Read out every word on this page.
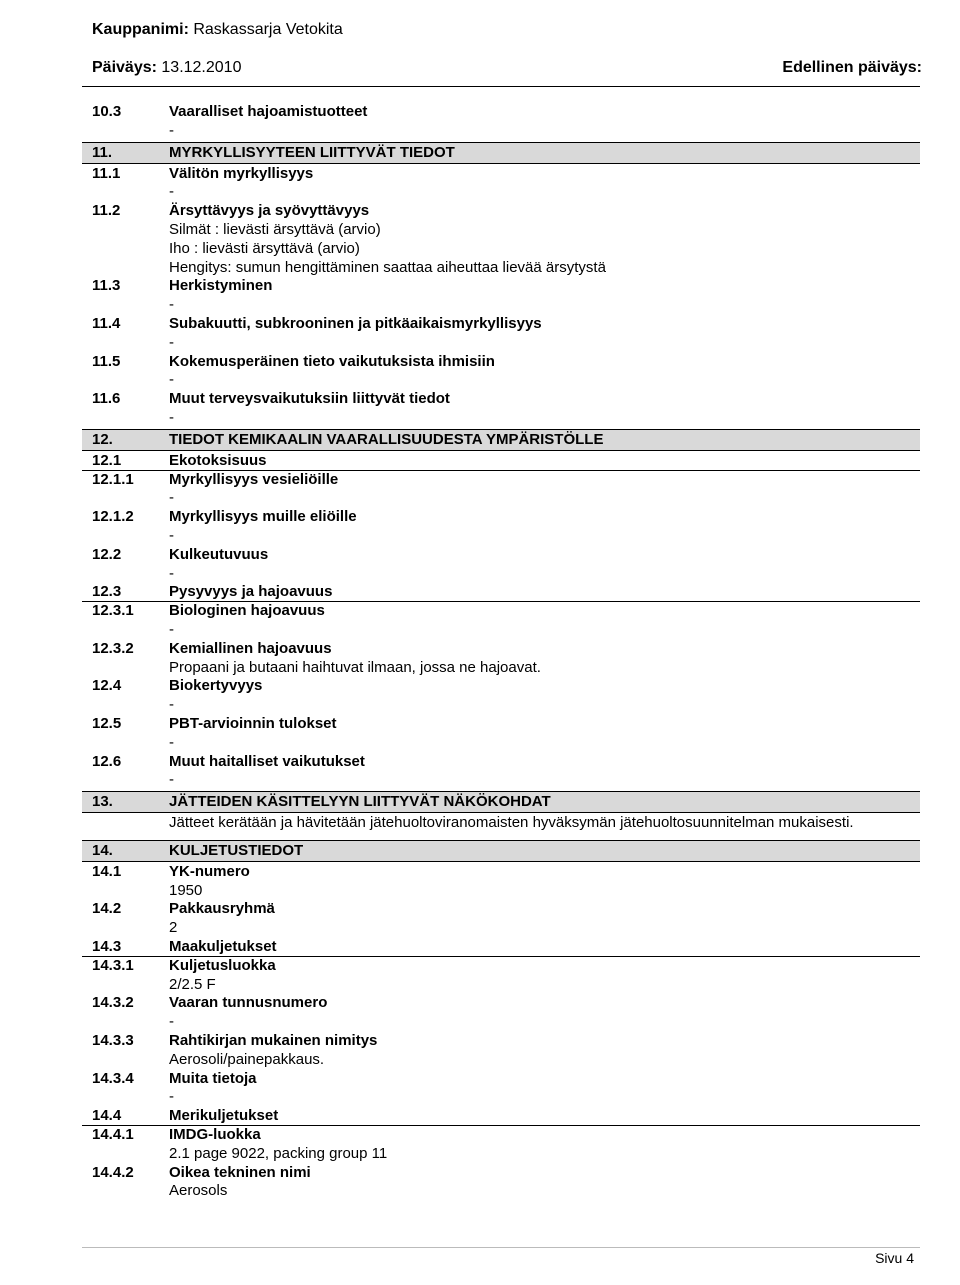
Kauppanimi:
Raskassarja Vetokita
Päiväys: 13.12.2010	Edellinen päiväys:
10.3	Vaaralliset hajoamistuotteet
-
11.	MYRKYLLISYYTEEN LIITTYVÄT TIEDOT
11.1	Välitön myrkyllisyys
-
11.2	Ärsyttävyys ja syövyttävyys
Silmät : lievästi ärsyttävä (arvio)
Iho : lievästi ärsyttävä (arvio)
Hengitys: sumun hengittäminen saattaa aiheuttaa lievää ärsytystä
11.3	Herkistyminen
-
11.4	Subakuutti, subkrooninen ja pitkäaikaismyrkyllisyys
-
11.5	Kokemusperäinen tieto vaikutuksista ihmisiin
-
11.6	Muut terveysvaikutuksiin liittyvät tiedot
-
12.	TIEDOT KEMIKAALIN VAARALLISUUDESTA YMPÄRISTÖLLE
12.1	Ekotoksisuus
12.1.1	Myrkyllisyys vesieliöille
-
12.1.2	Myrkyllisyys muille eliöille
-
12.2	Kulkeutuvuus
-
12.3	Pysyvyys ja hajoavuus
12.3.1	Biologinen hajoavuus
-
12.3.2	Kemiallinen hajoavuus
Propaani ja butaani haihtuvat ilmaan, jossa ne hajoavat.
12.4	Biokertyvyys
-
12.5	PBT-arvioinnin tulokset
-
12.6	Muut haitalliset vaikutukset
-
13.	JÄTTEIDEN KÄSITTELYYN LIITTYVÄT NÄKÖKOHDAT
Jätteet kerätään ja hävitetään jätehuoltoviranomaisten hyväksymän jätehuoltosuunnitelman mukaisesti.
14.	KULJETUSTIEDOT
14.1	YK-numero
1950
14.2	Pakkausryhmä
2
14.3	Maakuljetukset
14.3.1	Kuljetusluokka
2/2.5 F
14.3.2	Vaaran tunnusnumero
-
14.3.3	Rahtikirjan mukainen nimitys
Aerosoli/painepakkaus.
14.3.4	Muita tietoja
-
14.4	Merikuljetukset
14.4.1	IMDG-luokka
2.1 page 9022, packing group 11
14.4.2	Oikea tekninen nimi
Aerosols
Sivu 4
